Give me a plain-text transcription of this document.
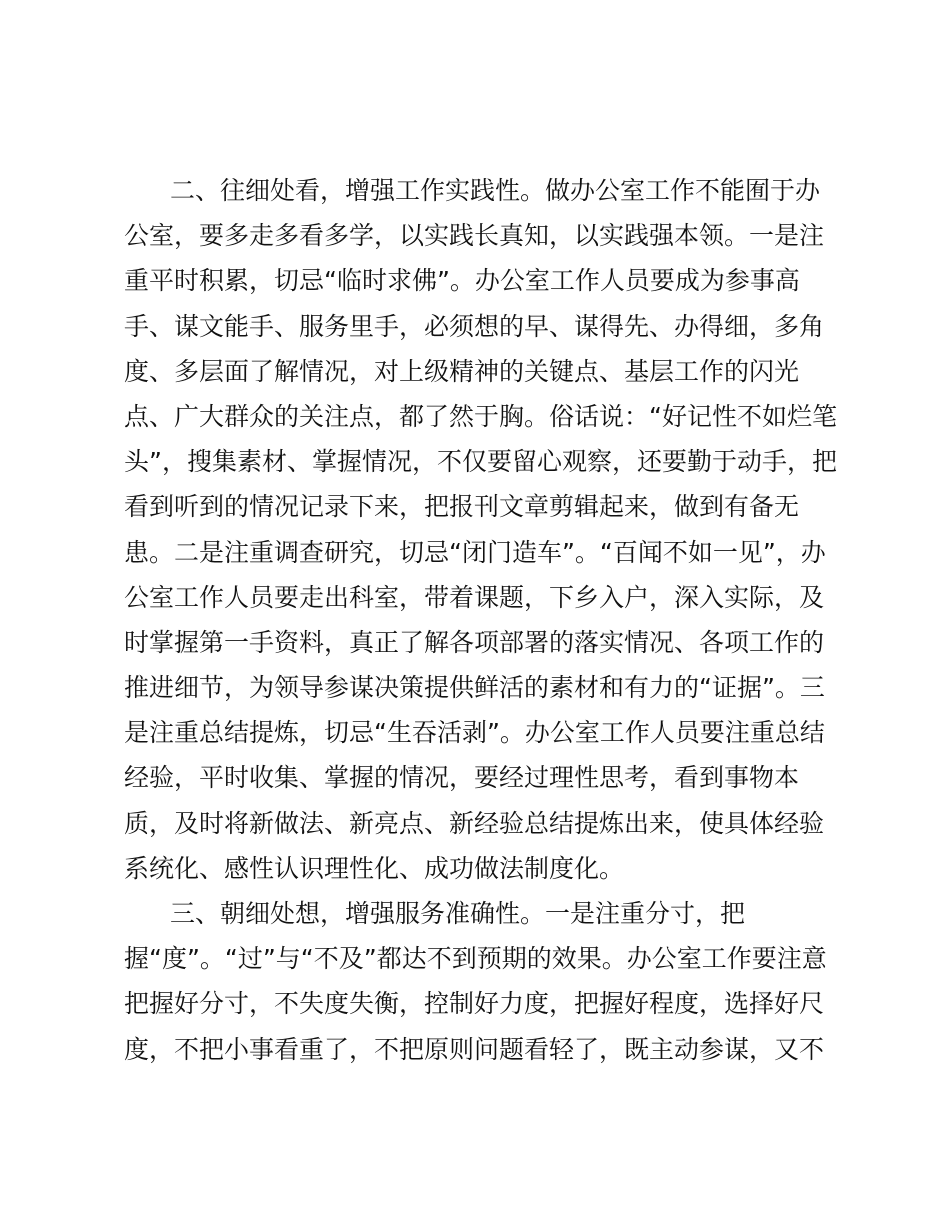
二、往细处看，增强工作实践性。做办公室工作不能囿于办
公室，要多走多看多学，以实践长真知，以实践强本领。一是注
重平时积累，切忌“临时求佛”。办公室工作人员要成为参事高
手、谋文能手、服务里手，必须想的早、谋得先、办得细，多角
度、多层面了解情况，对上级精神的关键点、基层工作的闪光
点、广大群众的关注点，都了然于胸。俗话说：“好记性不如烂笔
头”，搜集素材、掌握情况，不仅要留心观察，还要勤于动手，把
看到听到的情况记录下来，把报刊文章剪辑起来，做到有备无
患。二是注重调查研究，切忌“闭门造车”。“百闻不如一见”，办
公室工作人员要走出科室，带着课题，下乡入户，深入实际，及
时掌握第一手资料，真正了解各项部署的落实情况、各项工作的
推进细节，为领导参谋决策提供鲜活的素材和有力的“证据”。三
是注重总结提炼，切忌“生吞活剥”。办公室工作人员要注重总结
经验，平时收集、掌握的情况，要经过理性思考，看到事物本
质，及时将新做法、新亮点、新经验总结提炼出来，使具体经验
系统化、感性认识理性化、成功做法制度化。
三、朝细处想，增强服务准确性。一是注重分寸，把
握“度”。“过”与“不及”都达不到预期的效果。办公室工作要注意
把握好分寸，不失度失衡，控制好力度，把握好程度，选择好尺
度，不把小事看重了，不把原则问题看轻了，既主动参谋，又不
